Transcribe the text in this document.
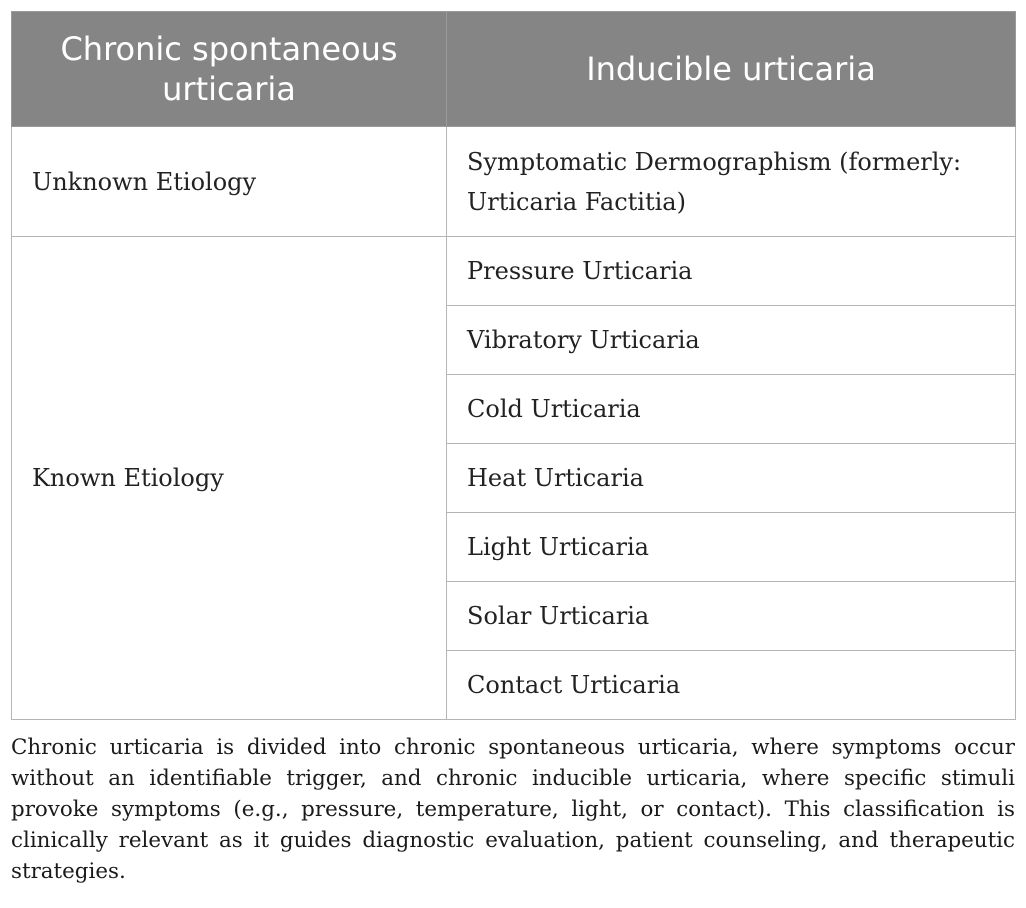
Chronic spontaneous urticaria	Inducible urticaria
Unknown Etiology	Symptomatic Dermographism (formerly: Urticaria Factitia)
Known Etiology	Pressure Urticaria
	Vibratory Urticaria
	Cold Urticaria
	Heat Urticaria
	Light Urticaria
	Solar Urticaria
	Contact Urticaria

Chronic urticaria is divided into chronic spontaneous urticaria, where symptoms occur without an identifiable trigger, and chronic inducible urticaria, where specific stimuli provoke symptoms (e.g., pressure, temperature, light, or contact). This classification is clinically relevant as it guides diagnostic evaluation, patient counseling, and therapeutic strategies.
